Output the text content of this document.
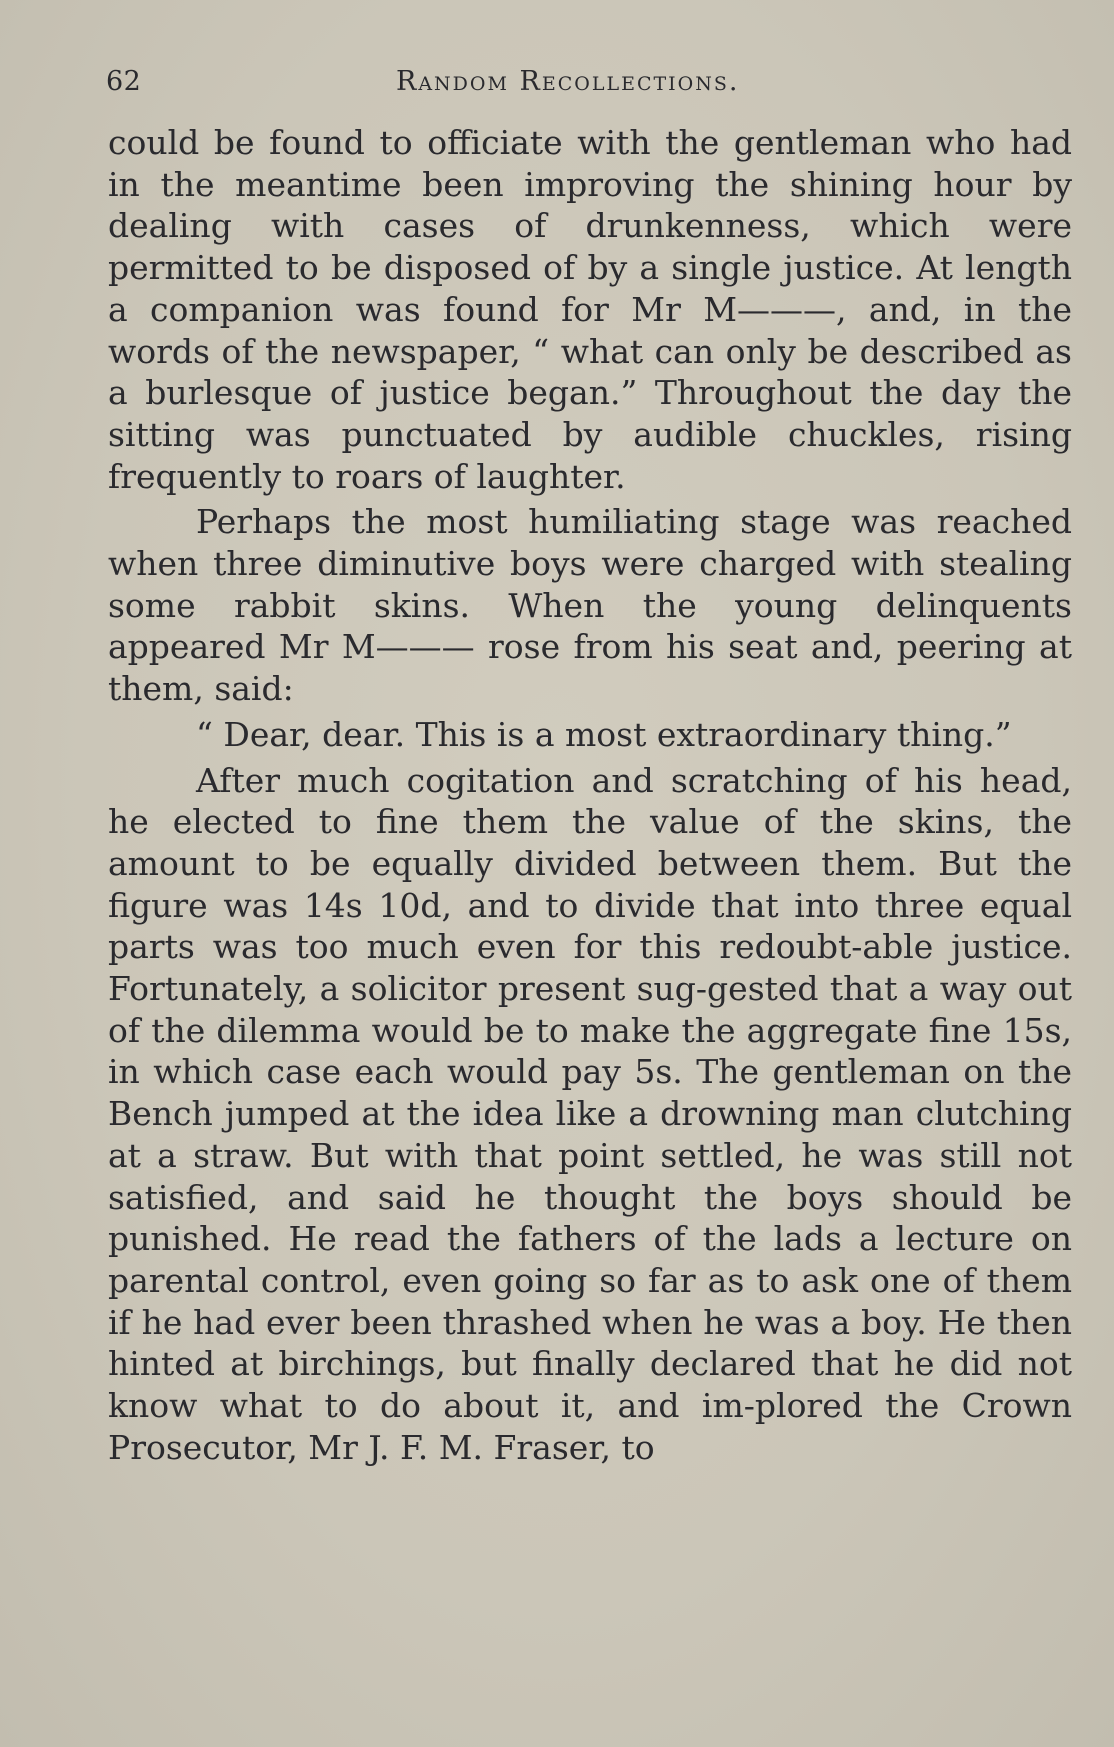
62	Random Recollections.

could be found to officiate with the gentleman who had in the meantime been improving the shining hour by dealing with cases of drunkenness, which were permitted to be disposed of by a single justice. At length a companion was found for Mr M———, and, in the words of the newspaper, “ what can only be described as a burlesque of justice began.” Throughout the day the sitting was punctuated by audible chuckles, rising frequently to roars of laughter.

Perhaps the most humiliating stage was reached when three diminutive boys were charged with stealing some rabbit skins. When the young delinquents appeared Mr M——— rose from his seat and, peering at them, said:

“ Dear, dear. This is a most extraordinary thing.”

After much cogitation and scratching of his head, he elected to fine them the value of the skins, the amount to be equally divided between them. But the figure was 14s 10d, and to divide that into three equal parts was too much even for this redoubt-able justice. Fortunately, a solicitor present sug-gested that a way out of the dilemma would be to make the aggregate fine 15s, in which case each would pay 5s. The gentleman on the Bench jumped at the idea like a drowning man clutching at a straw. But with that point settled, he was still not satisfied, and said he thought the boys should be punished. He read the fathers of the lads a lecture on parental control, even going so far as to ask one of them if he had ever been thrashed when he was a boy. He then hinted at birchings, but finally declared that he did not know what to do about it, and im-plored the Crown Prosecutor, Mr J. F. M. Fraser, to
